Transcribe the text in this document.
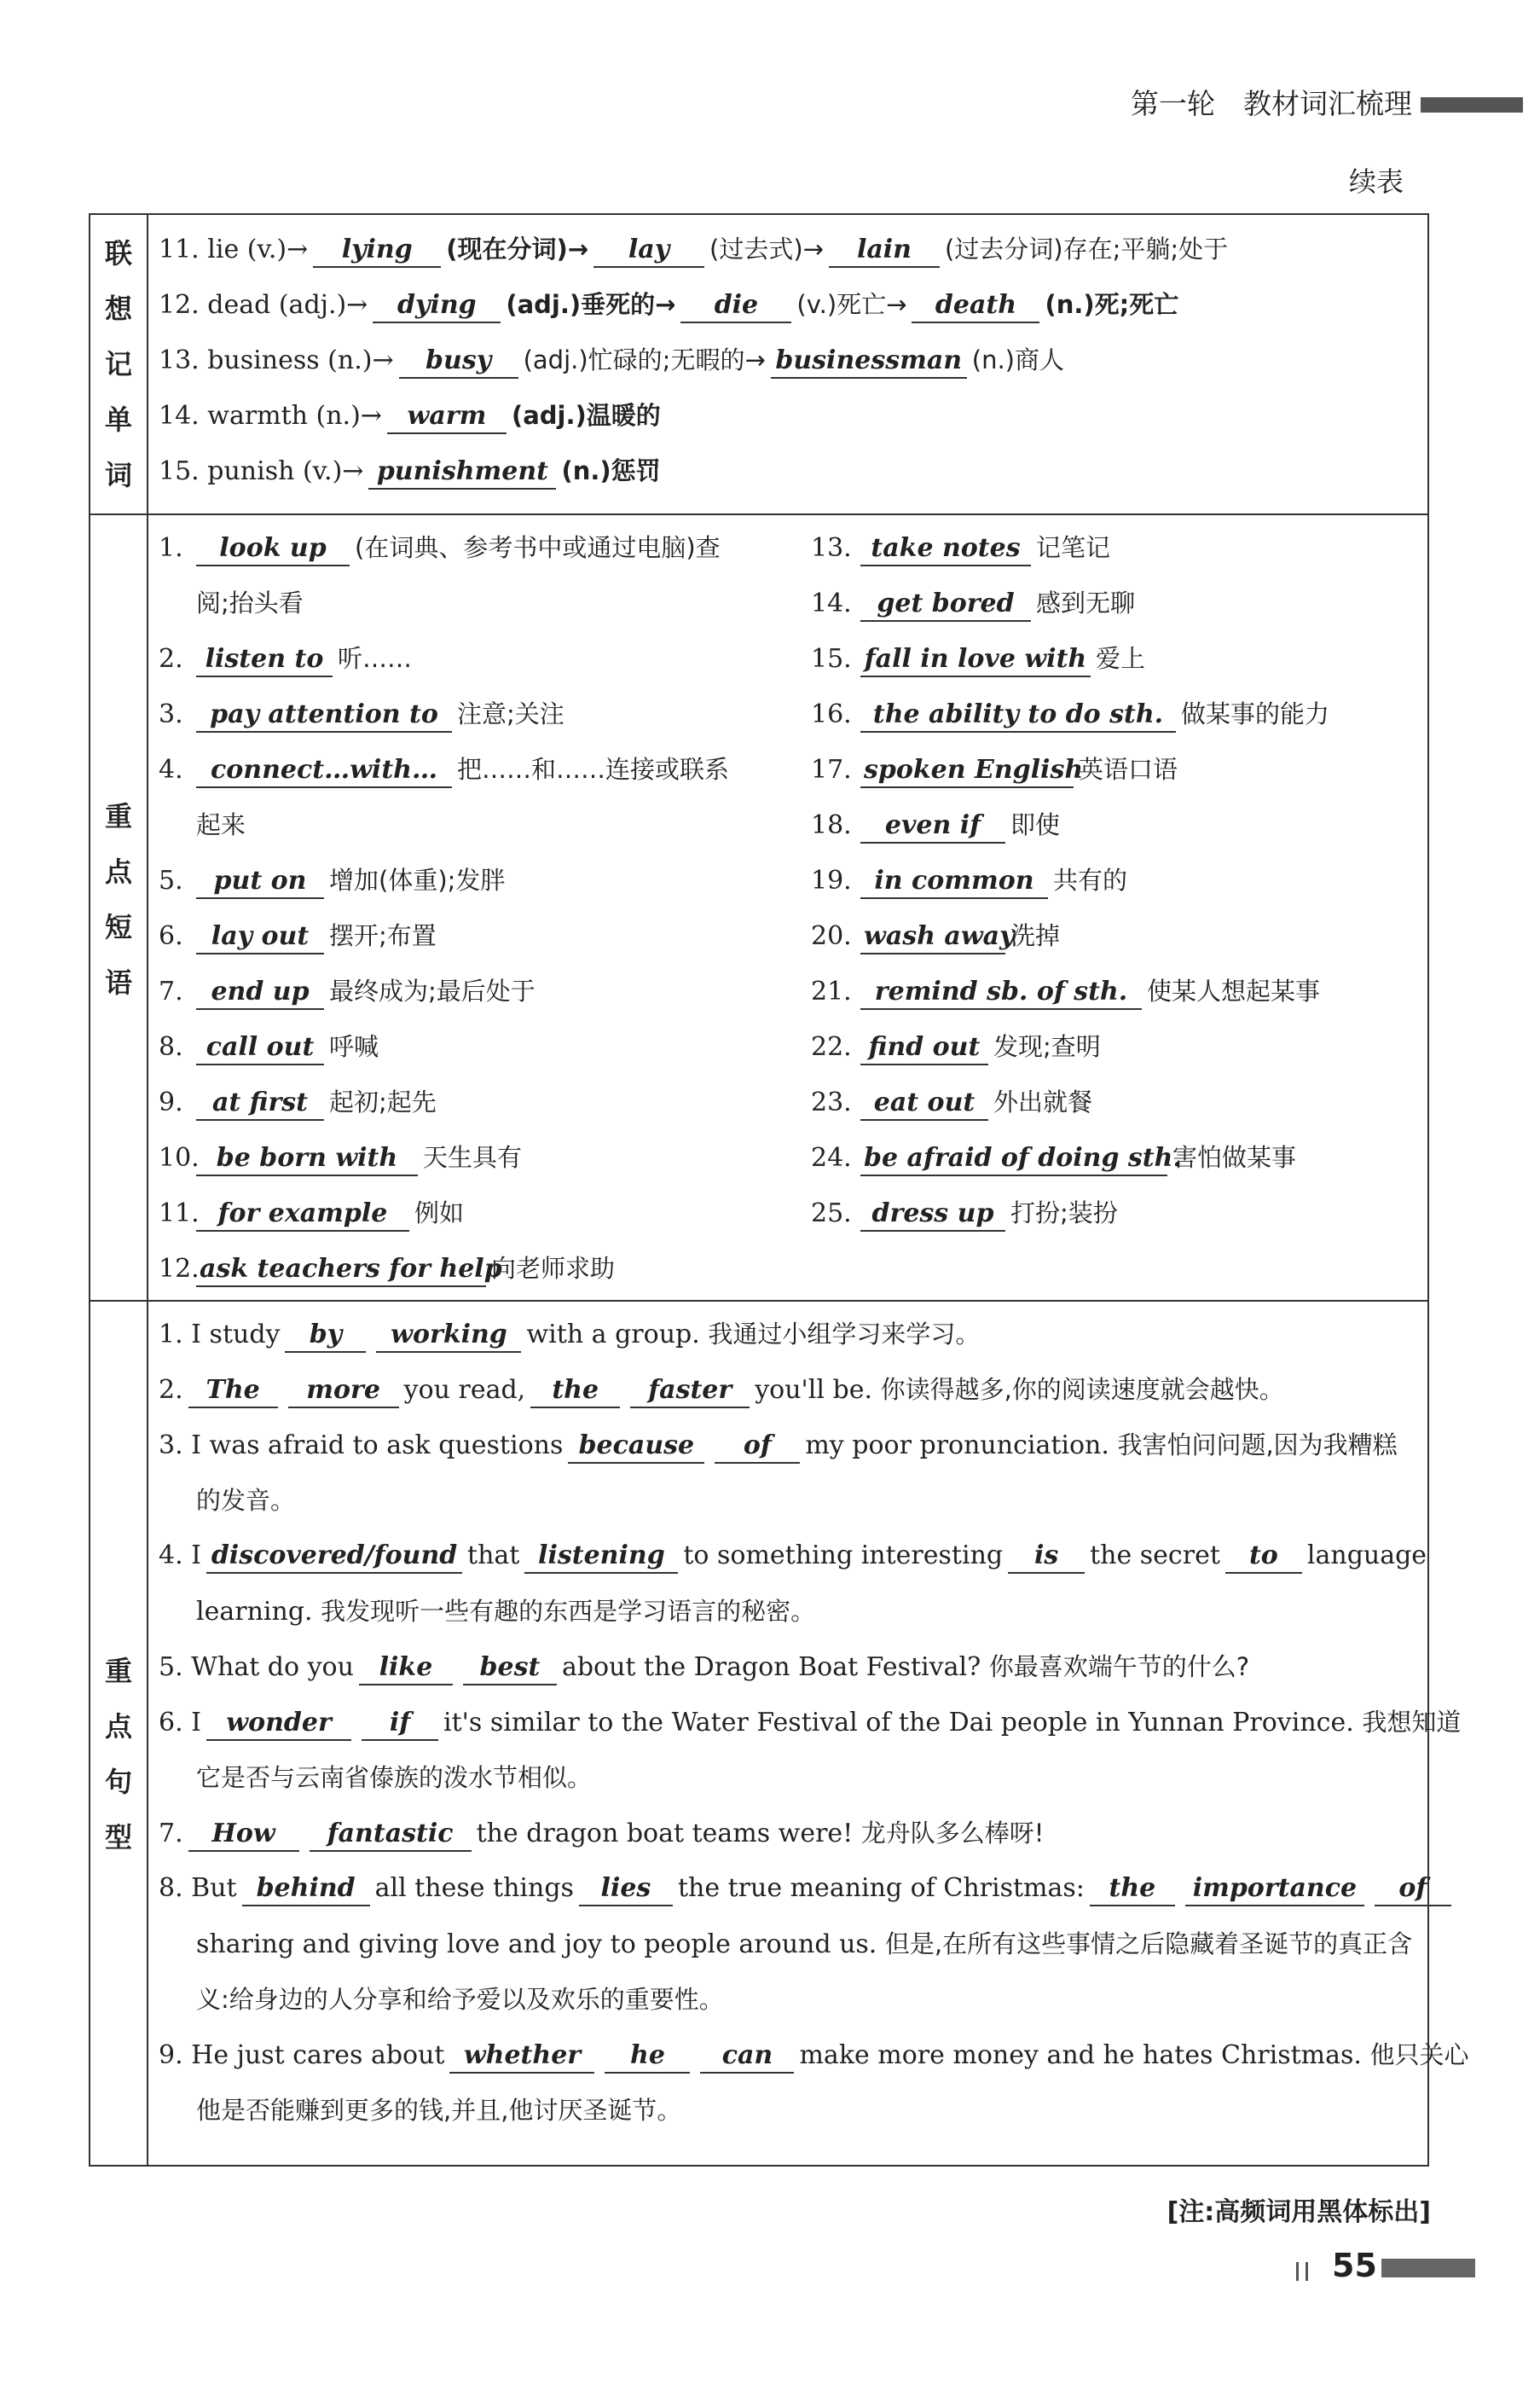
第一轮　教材词汇梳理
续表
联
想
记
单
词
11. lie (v.)→ lying (现在分词)→ lay (过去式)→ lain (过去分词)存在;平躺;处于
12. dead (adj.)→ dying (adj.)垂死的→ die (v.)死亡→ death (n.)死;死亡
13. business (n.)→ busy (adj.)忙碌的;无暇的→ businessman (n.)商人
14. warmth (n.)→ warm (adj.)温暖的
15. punish (v.)→ punishment (n.)惩罚
重
点
短
语
1. look up (在词典、参考书中或通过电脑)查
阅;抬头看
2. listen to 听……
3. pay attention to 注意;关注
4. connect…with… 把……和……连接或联系
起来
5. put on 增加(体重);发胖
6. lay out 摆开;布置
7. end up 最终成为;最后处于
8. call out 呼喊
9. at first 起初;起先
10. be born with 天生具有
11. for example 例如
12.ask teachers for help向老师求助
13. take notes 记笔记
14. get bored 感到无聊
15. fall in love with 爱上
16. the ability to do sth. 做某事的能力
17. spoken English英语口语
18. even if 即使
19. in common 共有的
20. wash away洗掉
21. remind sb. of sth. 使某人想起某事
22. find out 发现;查明
23. eat out 外出就餐
24. be afraid of doing sth.害怕做某事
25. dress up 打扮;装扮
重
点
句
型
1. I study by working with a group. 我通过小组学习来学习。
2. The more you read, the faster you'll be. 你读得越多,你的阅读速度就会越快。
3. I was afraid to ask questions because of my poor pronunciation. 我害怕问问题,因为我糟糕
的发音。
4. I discovered/found that listening to something interesting is the secret to language
learning. 我发现听一些有趣的东西是学习语言的秘密。
5. What do you like best about the Dragon Boat Festival? 你最喜欢端午节的什么?
6. I wonder if it's similar to the Water Festival of the Dai people in Yunnan Province. 我想知道
它是否与云南省傣族的泼水节相似。
7. How fantastic the dragon boat teams were! 龙舟队多么棒呀!
8. But behind all these things lies the true meaning of Christmas: the importance of
sharing and giving love and joy to people around us. 但是,在所有这些事情之后隐藏着圣诞节的真正含
义:给身边的人分享和给予爱以及欢乐的重要性。
9. He just cares about whether he can make more money and he hates Christmas. 他只关心
他是否能赚到更多的钱,并且,他讨厌圣诞节。
[注:高频词用黑体标出]
55
